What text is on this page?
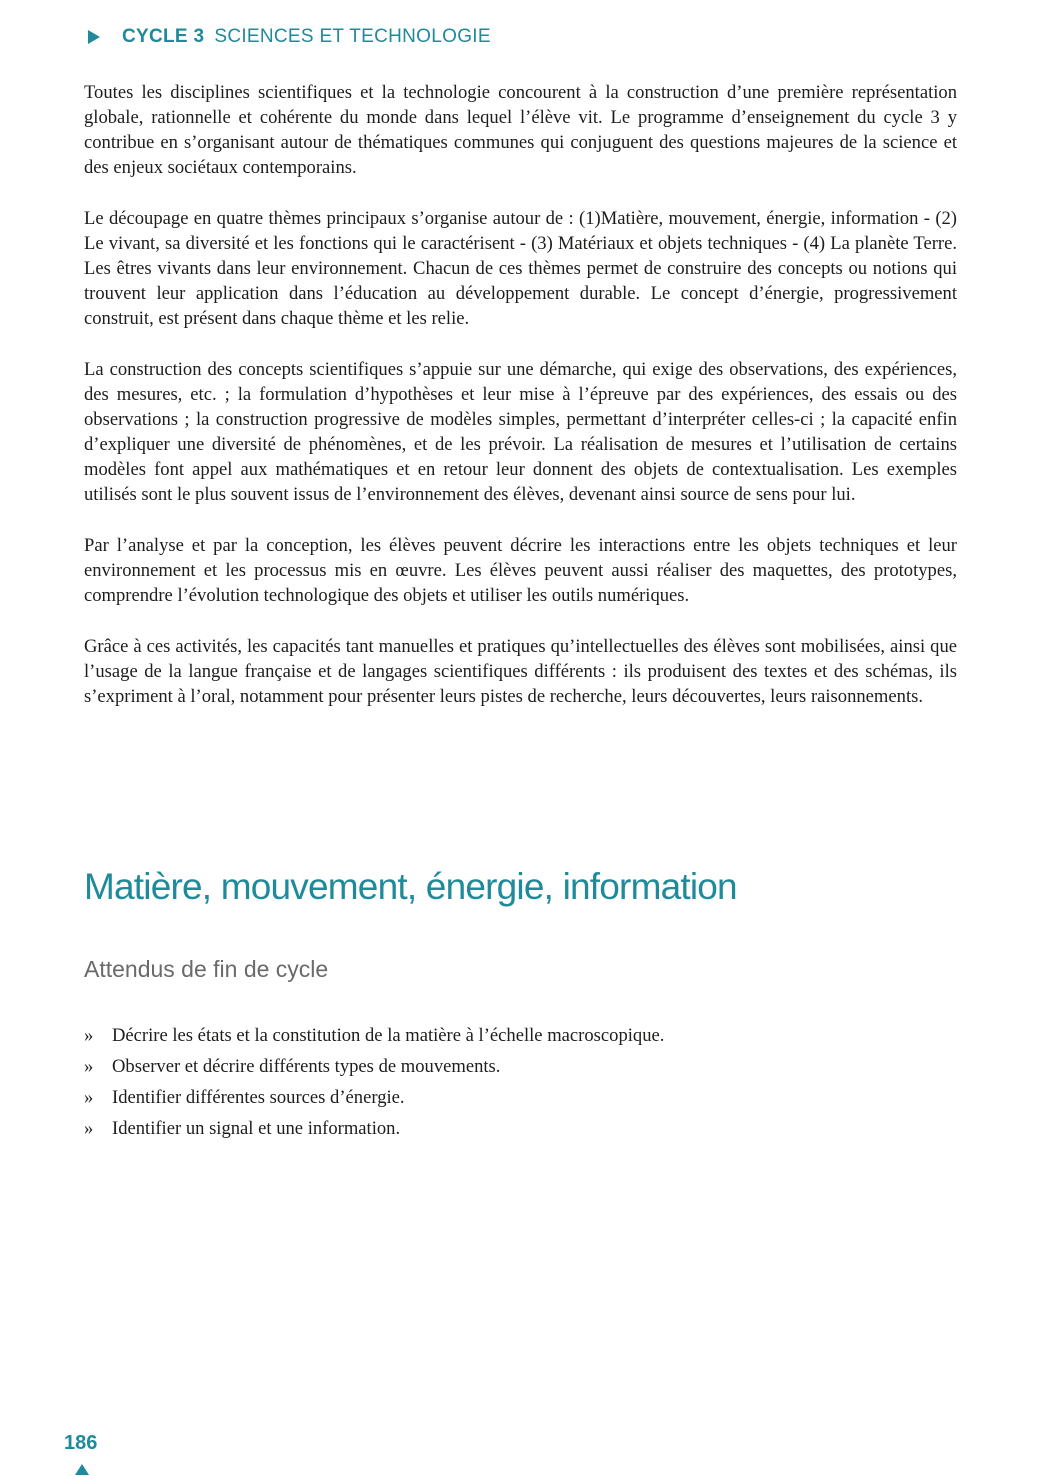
CYCLE 3 SCIENCES ET TECHNOLOGIE

Toutes les disciplines scientifiques et la technologie concourent à la construction d’une première représentation globale, rationnelle et cohérente du monde dans lequel l’élève vit. Le programme d’enseignement du cycle 3 y contribue en s’organisant autour de thématiques communes qui conjuguent des questions majeures de la science et des enjeux sociétaux contemporains.

Le découpage en quatre thèmes principaux s’organise autour de : (1)Matière, mouvement, énergie, information - (2) Le vivant, sa diversité et les fonctions qui le caractérisent - (3) Matériaux et objets techniques - (4) La planète Terre. Les êtres vivants dans leur environnement. Chacun de ces thèmes permet de construire des concepts ou notions qui trouvent leur application dans l’éducation au développement durable. Le concept d’énergie, progressivement construit, est présent dans chaque thème et les relie.

La construction des concepts scientifiques s’appuie sur une démarche, qui exige des observations, des expériences, des mesures, etc. ; la formulation d’hypothèses et leur mise à l’épreuve par des expériences, des essais ou des observations ; la construction progressive de modèles simples, permettant d’interpréter celles-ci ; la capacité enfin d’expliquer une diversité de phénomènes, et de les prévoir. La réalisation de mesures et l’utilisation de certains modèles font appel aux mathématiques et en retour leur donnent des objets de contextualisation. Les exemples utilisés sont le plus souvent issus de l’environnement des élèves, devenant ainsi source de sens pour lui.

Par l’analyse et par la conception, les élèves peuvent décrire les interactions entre les objets techniques et leur environnement et les processus mis en œuvre. Les élèves peuvent aussi réaliser des maquettes, des prototypes, comprendre l’évolution technologique des objets et utiliser les outils numériques.

Grâce à ces activités, les capacités tant manuelles et pratiques qu’intellectuelles des élèves sont mobilisées, ainsi que l’usage de la langue française et de langages scientifiques différents : ils produisent des textes et des schémas, ils s’expriment à l’oral, notamment pour présenter leurs pistes de recherche, leurs découvertes, leurs raisonnements.

Matière, mouvement, énergie, information
Attendus de fin de cycle
»	Décrire les états et la constitution de la matière à l’échelle macroscopique.
»	Observer et décrire différents types de mouvements.
»	Identifier différentes sources d’énergie.
»	Identifier un signal et une information.
186
